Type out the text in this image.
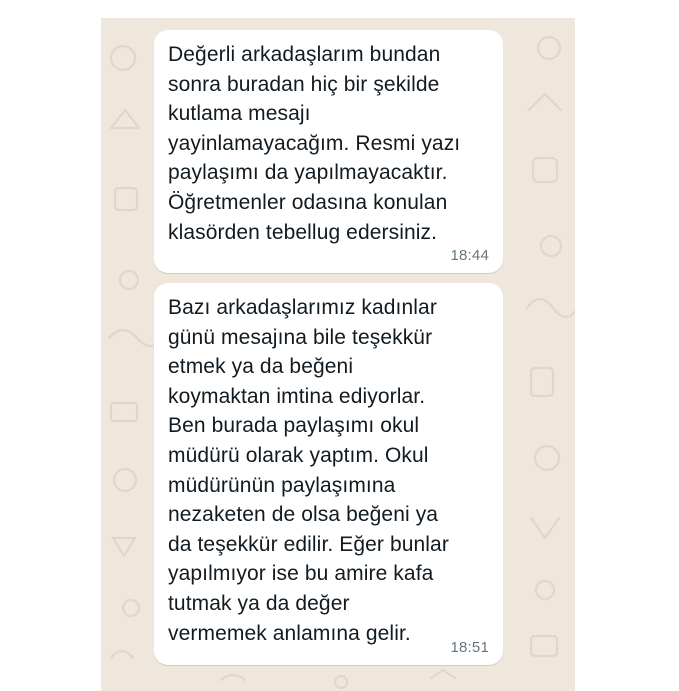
Değerli arkadaşlarım bundan
sonra buradan hiç bir şekilde
kutlama mesajı
yayinlamayacağım. Resmi yazı
paylaşımı da yapılmayacaktır.
Öğretmenler odasına konulan
klasörden tebellug edersiniz.

18:44

Bazı arkadaşlarımız kadınlar
günü mesajına bile teşekkür
etmek ya da beğeni
koymaktan imtina ediyorlar.
Ben burada paylaşımı okul
müdürü olarak yaptım. Okul
müdürünün paylaşımına
nezaketen de olsa beğeni ya
da teşekkür edilir. Eğer bunlar
yapılmıyor ise bu amire kafa
tutmak ya da değer
vermemek anlamına gelir.

18:51
